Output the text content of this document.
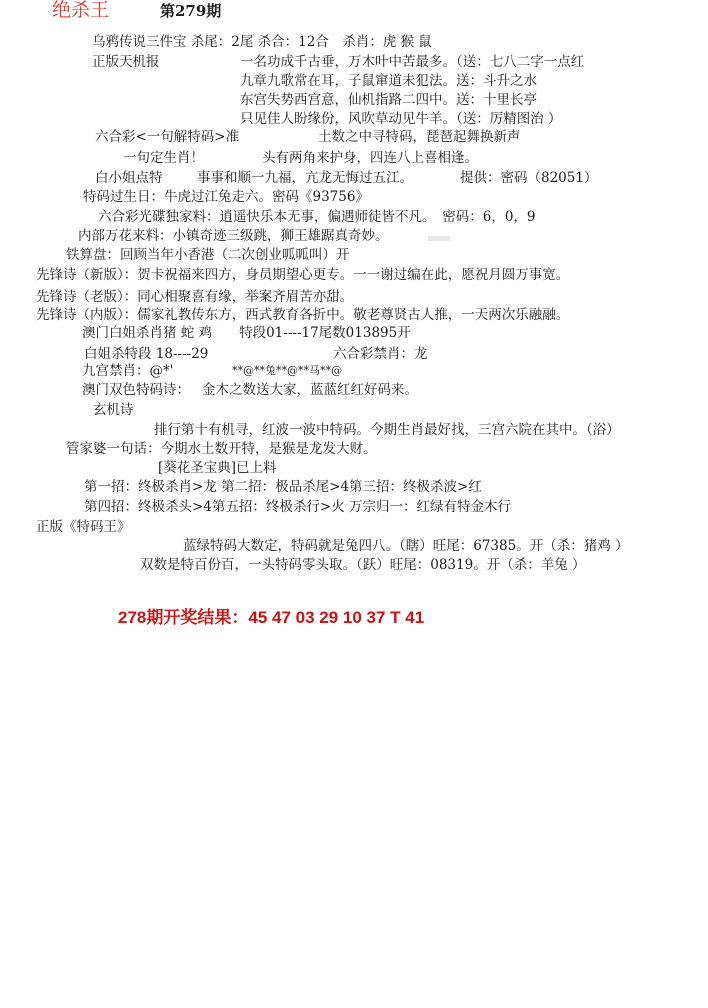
绝杀王	第279期
乌鸦传说三件宝 杀尾：2尾 杀合：12合　杀肖：虎 猴 鼠
正版天机报	一名功成千古垂，万木叶中苦最多。（送：七八二字一点红
九章九歌常在耳，子鼠窜道未犯法。送：斗升之水
东宫失势西宫意，仙机指路二四中。送：十里长亭
只见佳人盼缘份，风吹草动见牛羊。（送：厉精图治 ）
六合彩<一句解特码>准	土数之中寻特码，琵琶起舞换新声
一句定生肖！	头有两角来护身，四连八上喜相逢。
白小姐点特	事事和顺一九福，亢龙无悔过五江。	提供：密码（82051）
特码过生日：牛虎过江兔走六。密码《93756》
六合彩光碟独家料：逍遥快乐本无事，偏遇师徒皆不凡。　密码：6，0，9
内部万花来料：小镇奇迹三级跳，狮王雄踞真奇妙。
铁算盘：回顾当年小香港（二次创业呱呱叫）开
先锋诗（新版）：贺卡祝福来四方，身员期望心更专。一一谢过编在此，愿祝月圆万事宽。
先锋诗（老版）：同心相聚喜有缘，举案齐眉苦亦甜。
先锋诗（内版）：儒家礼教传东方，西式教育各折中。敬老尊贤古人推，一天两次乐融融。
澳门白姐杀肖猪 蛇 鸡　　特段01----17尾数013895开
白姐杀特段 18----29	六合彩禁肖：龙
九宫禁肖：@*'	**@**兔**@**马**@
澳门双色特码诗： 金木之数送大家，蓝蓝红红好码来。
玄机诗
排行第十有机寻，红波一波中特码。今期生肖最好找，三宫六院在其中。（浴）
管家婆一句话：今期水土数开特，是猴是龙发大财。
[葵花圣宝典]已上料
第一招：终极杀肖>龙 第二招：极品杀尾>4第三招：终极杀波>红
第四招：终极杀头>4第五招：终极杀行>火 万宗归一：红绿有特金木行
正版《特码王》
蓝绿特码大数定，特码就是兔四八。（瞎）旺尾：67385。开（杀：猪鸡 ）
双数是特百份百，一头特码零头取。（跃）旺尾：08319。开（杀：羊兔 ）
278期开奖结果：45 47 03 29 10 37 T 41
